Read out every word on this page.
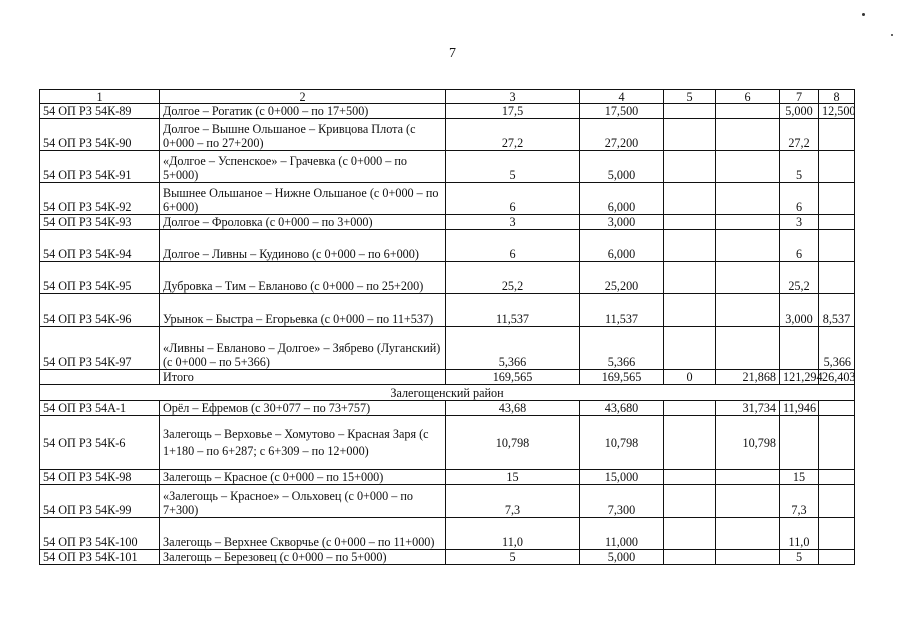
7
1	2	3	4	5	6	7	8
54 ОП РЗ 54К-89	Долгое – Рогатик (с 0+000 – по 17+500)	17,5	17,500			5,000	12,500
54 ОП РЗ 54К-90	Долгое – Вышне Ольшаное – Кривцова Плота (с 0+000 – по 27+200)	27,2	27,200			27,2	
54 ОП РЗ 54К-91	«Долгое – Успенское» – Грачевка (с 0+000 – по 5+000)	5	5,000			5	
54 ОП РЗ 54К-92	Вышнее Ольшаное – Нижне Ольшаное (с 0+000 – по 6+000)	6	6,000			6	
54 ОП РЗ 54К-93	Долгое – Фроловка (с 0+000 – по 3+000)	3	3,000			3	
54 ОП РЗ 54К-94	Долгое – Ливны – Кудиново (с 0+000 – по 6+000)	6	6,000			6	
54 ОП РЗ 54К-95	Дубровка – Тим – Евланово (с 0+000 – по 25+200)	25,2	25,200			25,2	
54 ОП РЗ 54К-96	Урынок – Быстра – Егорьевка (с 0+000 – по 11+537)	11,537	11,537			3,000	8,537
54 ОП РЗ 54К-97	«Ливны – Евланово – Долгое» – Зябрево (Луганский) (с 0+000 – по 5+366)	5,366	5,366				5,366
	Итого	169,565	169,565	0	21,868	121,294	26,403
Залегощенский район							
54 ОП РЗ 54А-1	Орёл – Ефремов (с 30+077 – по 73+757)	43,68	43,680		31,734	11,946	
54 ОП РЗ 54К-6	Залегощь – Верховье – Хомутово – Красная Заря (с 1+180 – по 6+287; с 6+309 – по 12+000)	10,798	10,798		10,798		
54 ОП РЗ 54К-98	Залегощь – Красное (с 0+000 – по 15+000)	15	15,000			15	
54 ОП РЗ 54К-99	«Залегощь – Красное» – Ольховец (с 0+000 – по 7+300)	7,3	7,300			7,3	
54 ОП РЗ 54К-100	Залегощь – Верхнее Скворчье (с 0+000 – по 11+000)	11,0	11,000			11,0	
54 ОП РЗ 54К-101	Залегощь – Березовец (с 0+000 – по 5+000)	5	5,000			5	
